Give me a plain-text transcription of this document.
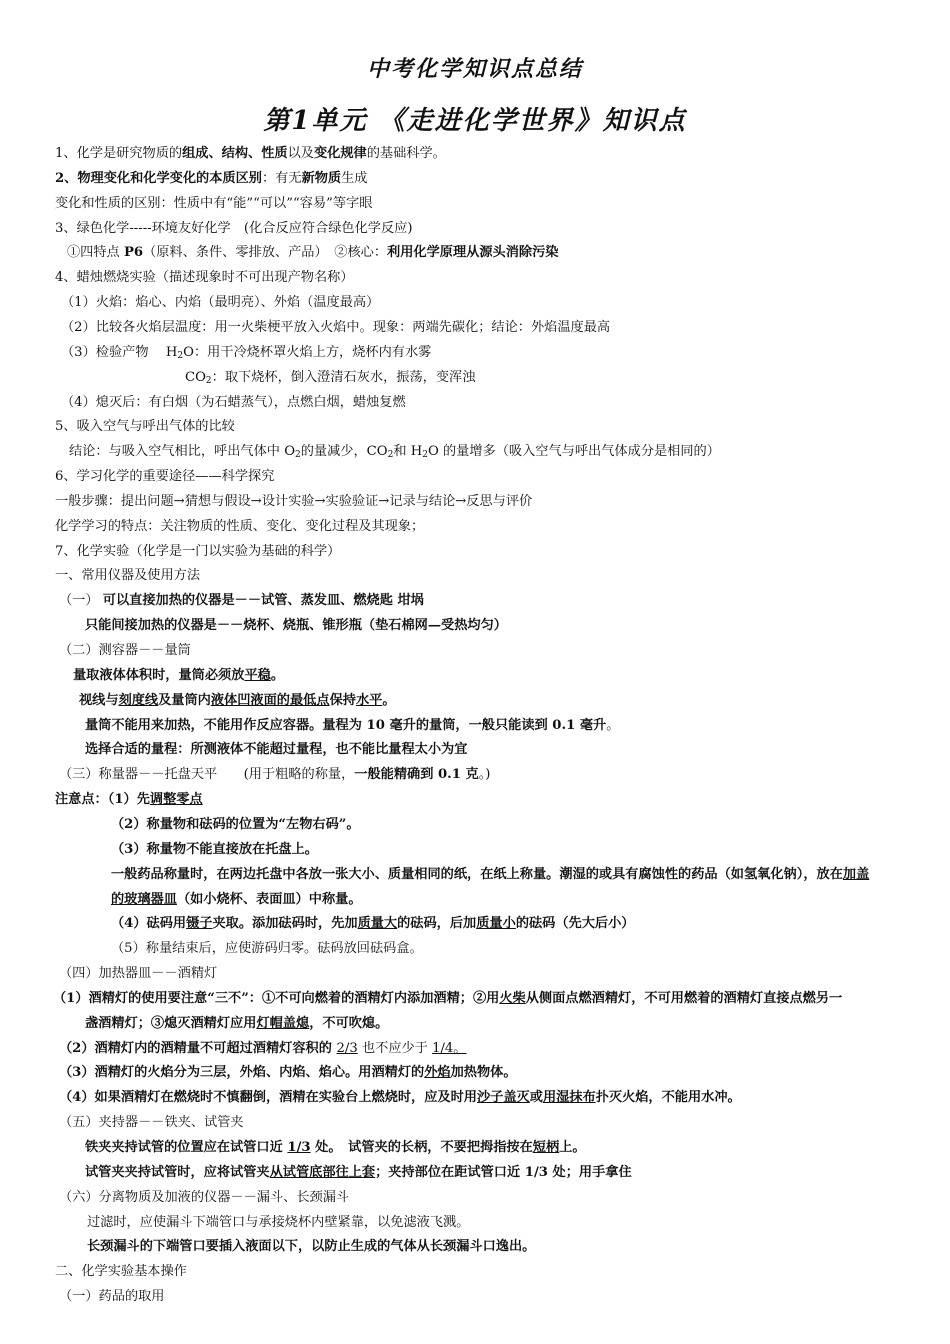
中考化学知识点总结
第1单元 《走进化学世界》知识点
1、化学是研究物质的组成、结构、性质以及变化规律的基础科学。
2、物理变化和化学变化的本质区别：有无新物质生成
变化和性质的区别：性质中有“能”“可以”“容易”等字眼
3、绿色化学-----环境友好化学　(化合反应符合绿色化学反应)
①四特点 P6（原料、条件、零排放、产品）　②核心：利用化学原理从源头消除污染
4、蜡烛燃烧实验（描述现象时不可出现产物名称）
（1）火焰：焰心、内焰（最明亮）、外焰（温度最高）
（2）比较各火焰层温度：用一火柴梗平放入火焰中。现象：两端先碳化；结论：外焰温度最高
（3）检验产物　 $H_2O$：用干冷烧杯罩火焰上方，烧杯内有水雾
$CO_2$：取下烧杯，倒入澄清石灰水，振荡，变浑浊
（4）熄灭后：有白烟（为石蜡蒸气），点燃白烟，蜡烛复燃
5、吸入空气与呼出气体的比较
结论：与吸入空气相比，呼出气体中 $O_2$的量减少，$CO_2$和 $H_2O$ 的量增多（吸入空气与呼出气体成分是相同的）
6、学习化学的重要途径——科学探究
一般步骤：提出问题→猜想与假设→设计实验→实验验证→记录与结论→反思与评价
化学学习的特点：关注物质的性质、变化、变化过程及其现象；
7、化学实验（化学是一门以实验为基础的科学）
一、常用仪器及使用方法
（一） 可以直接加热的仪器是－－试管、蒸发皿、燃烧匙 坩埚
只能间接加热的仪器是－－烧杯、烧瓶、锥形瓶（垫石棉网—受热均匀）
（二）测容器－－量筒
量取液体体积时，量筒必须放平稳。
视线与刻度线及量筒内液体凹液面的最低点保持水平。
量筒不能用来加热，不能用作反应容器。量程为 10 毫升的量筒，一般只能读到 0.1 毫升。
选择合适的量程：所测液体不能超过量程，也不能比量程太小为宜
（三）称量器－－托盘天平　　(用于粗略的称量，一般能精确到 0.1 克。)
注意点：（1）先调整零点
（2）称量物和砝码的位置为“左物右码”。
（3）称量物不能直接放在托盘上。
一般药品称量时，在两边托盘中各放一张大小、质量相同的纸，在纸上称量。潮湿的或具有腐蚀性的药品（如氢氧化钠），放在加盖
的玻璃器皿（如小烧杯、表面皿）中称量。
（4）砝码用镊子夹取。添加砝码时，先加质量大的砝码，后加质量小的砝码（先大后小）
（5）称量结束后，应使游码归零。砝码放回砝码盒。
（四）加热器皿－－酒精灯
（1）酒精灯的使用要注意“三不”：①不可向燃着的酒精灯内添加酒精；②用火柴从侧面点燃酒精灯，不可用燃着的酒精灯直接点燃另一
盏酒精灯；③熄灭酒精灯应用灯帽盖熄，不可吹熄。
（2）酒精灯内的酒精量不可超过酒精灯容积的 2/3 也不应少于 1/4。
（3）酒精灯的火焰分为三层，外焰、内焰、焰心。用酒精灯的外焰加热物体。
（4）如果酒精灯在燃烧时不慎翻倒，酒精在实验台上燃烧时，应及时用沙子盖灭或用湿抹布扑灭火焰，不能用水冲。
（五）夹持器－－铁夹、试管夹
铁夹夹持试管的位置应在试管口近 1/3 处。　试管夹的长柄，不要把拇指按在短柄上。
试管夹夹持试管时，应将试管夹从试管底部往上套；夹持部位在距试管口近 1/3 处；用手拿住
（六）分离物质及加液的仪器－－漏斗、长颈漏斗
过滤时，应使漏斗下端管口与承接烧杯内壁紧靠，以免滤液飞溅。
长颈漏斗的下端管口要插入液面以下，以防止生成的气体从长颈漏斗口逸出。
二、化学实验基本操作
（一）药品的取用
